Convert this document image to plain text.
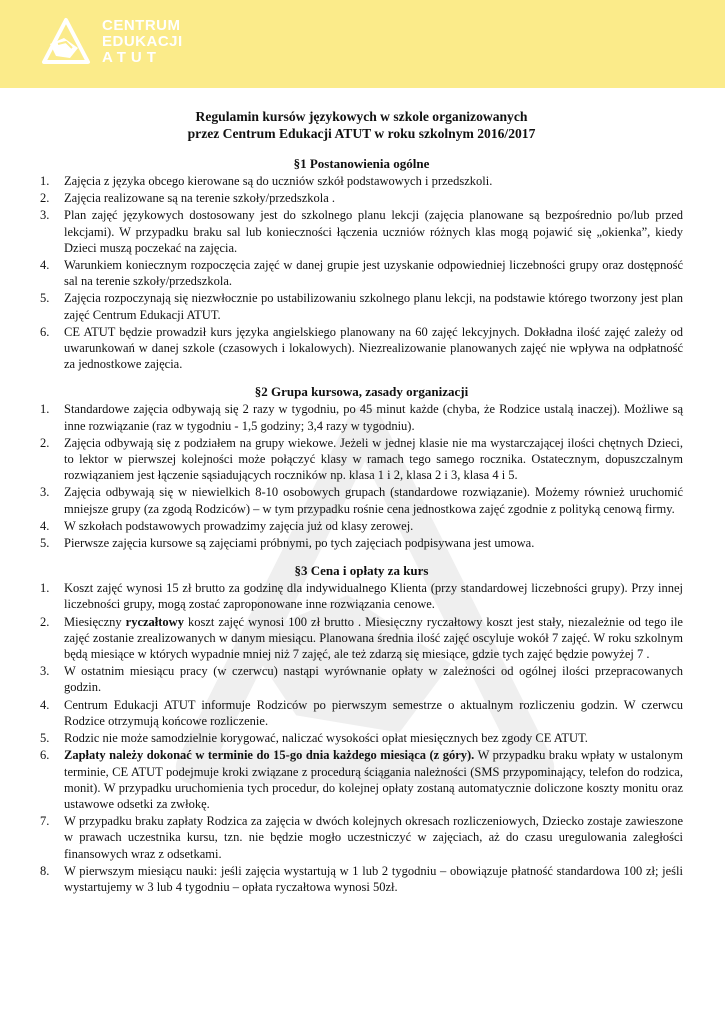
CENTRUM
EDUKACJI
ATUT
Regulamin kursów językowych w szkole organizowanych
przez Centrum Edukacji ATUT w roku szkolnym 2016/2017
§1 Postanowienia ogólne
1. Zajęcia z języka obcego kierowane są do uczniów szkół podstawowych i przedszkoli.
2. Zajęcia realizowane są na terenie szkoły/przedszkola .
3. Plan zajęć językowych dostosowany jest do szkolnego planu lekcji (zajęcia planowane są bezpośrednio po/lub przed lekcjami). W przypadku braku sal lub konieczności łączenia uczniów różnych klas mogą pojawić się „okienka”, kiedy Dzieci muszą poczekać na zajęcia.
4. Warunkiem koniecznym rozpoczęcia zajęć w danej grupie jest uzyskanie odpowiedniej liczebności grupy oraz dostępność sal na terenie szkoły/przedszkola.
5. Zajęcia rozpoczynają się niezwłocznie po ustabilizowaniu szkolnego planu lekcji, na podstawie którego tworzony jest plan zajęć Centrum Edukacji ATUT.
6. CE ATUT będzie prowadził kurs języka angielskiego planowany na 60 zajęć lekcyjnych. Dokładna ilość zajęć zależy od uwarunkowań w danej szkole (czasowych i lokalowych). Niezrealizowanie planowanych zajęć nie wpływa na odpłatność za jednostkowe zajęcia.
§2 Grupa kursowa, zasady organizacji
1. Standardowe zajęcia odbywają się 2 razy w tygodniu, po 45 minut każde (chyba, że Rodzice ustalą inaczej). Możliwe są inne rozwiązanie (raz w tygodniu - 1,5 godziny; 3,4 razy w tygodniu).
2. Zajęcia odbywają się z podziałem na grupy wiekowe. Jeżeli w jednej klasie nie ma wystarczającej ilości chętnych Dzieci, to lektor w pierwszej kolejności może połączyć klasy w ramach tego samego rocznika. Ostatecznym, dopuszczalnym rozwiązaniem jest łączenie sąsiadujących roczników np. klasa 1 i 2, klasa 2 i 3, klasa 4 i 5.
3. Zajęcia odbywają się w niewielkich 8-10 osobowych grupach (standardowe rozwiązanie). Możemy również uruchomić mniejsze grupy (za zgodą Rodziców) – w tym przypadku rośnie cena jednostkowa zajęć zgodnie z polityką cenową firmy.
4. W szkołach podstawowych prowadzimy zajęcia już od klasy zerowej.
5. Pierwsze zajęcia kursowe są zajęciami próbnymi, po tych zajęciach podpisywana jest umowa.
§3 Cena i opłaty za kurs
1. Koszt zajęć wynosi 15 zł brutto za godzinę dla indywidualnego Klienta (przy standardowej liczebności grupy). Przy innej liczebności grupy, mogą zostać zaproponowane inne rozwiązania cenowe.
2. Miesięczny ryczałtowy koszt zajęć wynosi 100 zł brutto . Miesięczny ryczałtowy koszt jest stały, niezależnie od tego ile zajęć zostanie zrealizowanych w danym miesiącu. Planowana średnia ilość zajęć oscyluje wokół 7 zajęć. W roku szkolnym będą miesiące w których wypadnie mniej niż 7 zajęć, ale też zdarzą się miesiące, gdzie tych zajęć będzie powyżej 7 .
3. W ostatnim miesiącu pracy (w czerwcu) nastąpi wyrównanie opłaty w zależności od ogólnej ilości przepracowanych godzin.
4. Centrum Edukacji ATUT informuje Rodziców po pierwszym semestrze o aktualnym rozliczeniu godzin. W czerwcu Rodzice otrzymują końcowe rozliczenie.
5. Rodzic nie może samodzielnie korygować, naliczać wysokości opłat miesięcznych bez zgody CE ATUT.
6. Zapłaty należy dokonać w terminie do 15-go dnia każdego miesiąca (z góry). W przypadku braku wpłaty w ustalonym terminie, CE ATUT podejmuje kroki związane z procedurą ściągania należności (SMS przypominający, telefon do rodzica, monit). W przypadku uruchomienia tych procedur, do kolejnej opłaty zostaną automatycznie doliczone koszty monitu oraz ustawowe odsetki za zwłokę.
7. W przypadku braku zapłaty Rodzica za zajęcia w dwóch kolejnych okresach rozliczeniowych, Dziecko zostaje zawieszone w prawach uczestnika kursu, tzn. nie będzie mogło uczestniczyć w zajęciach, aż do czasu uregulowania zaległości finansowych wraz z odsetkami.
8. W pierwszym miesiącu nauki: jeśli zajęcia wystartują w 1 lub 2 tygodniu – obowiązuje płatność standardowa 100 zł; jeśli wystartujemy w 3 lub 4 tygodniu – opłata ryczałtowa wynosi 50zł.
